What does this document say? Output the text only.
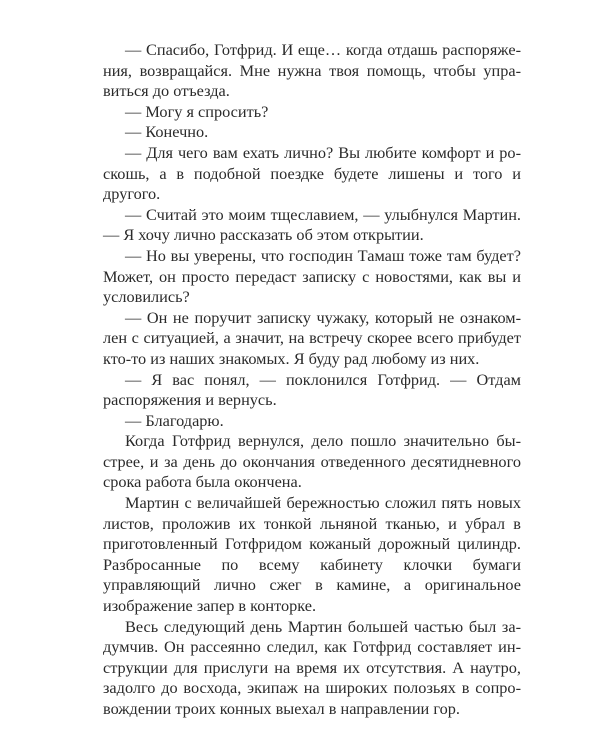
— Спасибо, Готфрид. И еще… когда отдашь распоряжения, возвращайся. Мне нужна твоя помощь, чтобы управиться до отъезда.

— Могу я спросить?

— Конечно.

— Для чего вам ехать лично? Вы любите комфорт и роскошь, а в подобной поездке будете лишены и того и другого.

— Считай это моим тщеславием, — улыбнулся Мартин. — Я хочу лично рассказать об этом открытии.

— Но вы уверены, что господин Тамаш тоже там будет? Может, он просто передаст записку с новостями, как вы и условились?

— Он не поручит записку чужаку, который не ознакомлен с ситуацией, а значит, на встречу скорее всего прибудет кто-то из наших знакомых. Я буду рад любому из них.

— Я вас понял, — поклонился Готфрид. — Отдам распоряжения и вернусь.

— Благодарю.

Когда Готфрид вернулся, дело пошло значительно быстрее, и за день до окончания отведенного десятидневного срока работа была окончена.

Мартин с величайшей бережностью сложил пять новых листов, проложив их тонкой льняной тканью, и убрал в приготовленный Готфридом кожаный дорожный цилиндр. Разбросанные по всему кабинету клочки бумаги управляющий лично сжег в камине, а оригинальное изображение запер в конторке.

Весь следующий день Мартин большей частью был задумчив. Он рассеянно следил, как Готфрид составляет инструкции для прислуги на время их отсутствия. А наутро, задолго до восхода, экипаж на широких полозьях в сопровождении троих конных выехал в направлении гор.
